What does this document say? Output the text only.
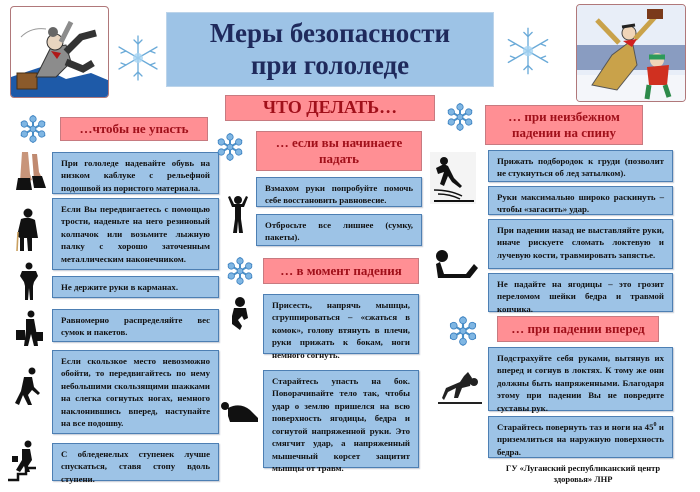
Меры безопасности
при гололеде
ЧТО ДЕЛАТЬ…
…чтобы не упасть
При гололеде надевайте обувь на низком каблуке с рельефной подошвой из пористого материала.
Если Вы передвигаетесь с помощью трости, наденьте на него резиновый колпачок или возьмите лыжную палку с хорошо заточенным металлическим наконечником.
Не держите руки в карманах.
Равномерно распределяйте вес сумок и пакетов.
Если скользкое место невозможно обойти, то передвигайтесь по нему небольшими скользящими шажками на слегка согнутых ногах, немного наклонившись вперед, наступайте на все подошву.
С обледенелых ступенек лучше спускаться, ставя стопу вдоль ступени.
… если вы начинаете падать
Взмахом руки попробуйте помочь себе восстановить равновесие.
Отбросьте все лишнее (сумку, пакеты).
… в момент падения
Присесть, напрячь мышцы, сгруппироваться – «сжаться в комок», голову втянуть в плечи, руки прижать к бокам, ноги немного согнуть.
Старайтесь упасть на бок. Поворачивайте тело так, чтобы удар о землю пришелся на всю поверхность ягодицы, бедра и согнутой напряженной руки. Это смягчит удар, а напряженный мышечный корсет защитит мышцы от травм.
… при неизбежном падении на спину
Прижать подбородок к груди (позволит не стукнуться об лед затылком).
Руки максимально широко раскинуть – чтобы «загасить» удар.
При падении назад не выставляйте руки, иначе рискуете сломать локтевую и лучевую кости, травмировать запястье.
Не падайте на ягодицы – это грозит переломом шейки бедра и травмой копчика.
… при падении вперед
Подстрахуйте себя руками, вытянув их вперед и согнув в локтях. К тому же они должны быть напряженными. Благодаря этому при падении Вы не повредите суставы рук.
Старайтесь повернуть таз и ноги на $45^0$ и приземлиться на наружную поверхность бедра.
ГУ «Луганский республиканский центр
здоровья» ЛНР
